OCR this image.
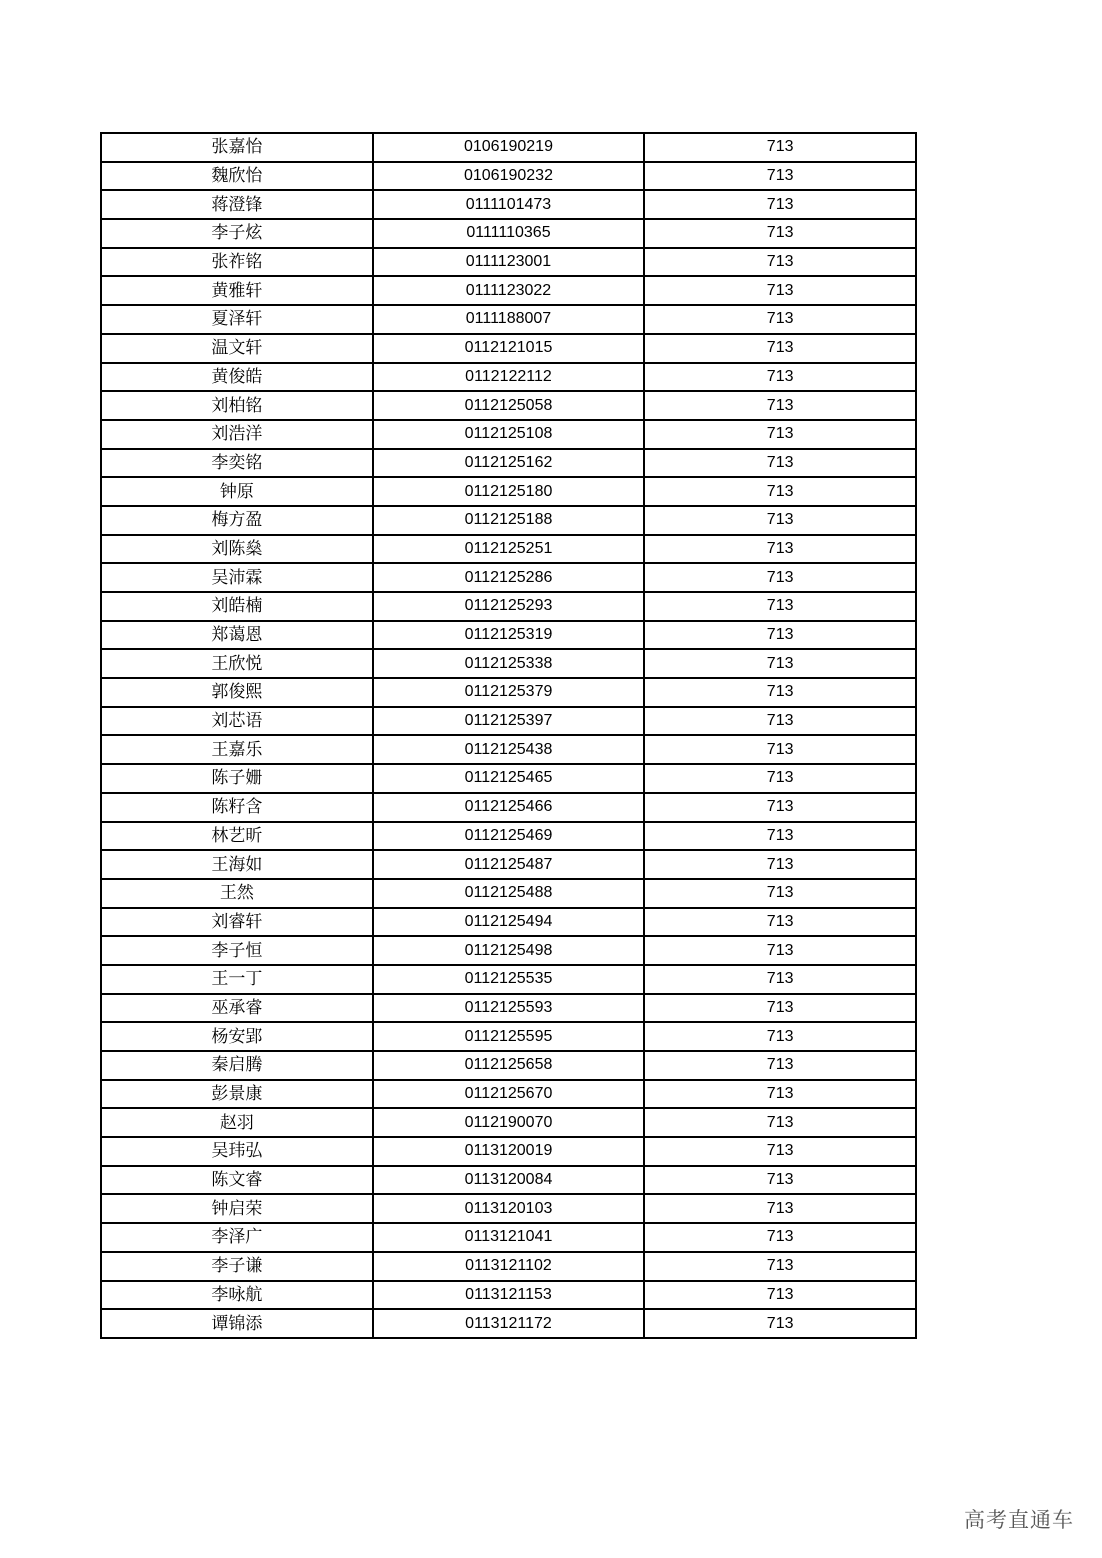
张嘉怡	0106190219	713
魏欣怡	0106190232	713
蒋澄锋	0111101473	713
李子炫	0111110365	713
张祚铭	0111123001	713
黄雅轩	0111123022	713
夏泽轩	0111188007	713
温文轩	0112121015	713
黄俊皓	0112122112	713
刘柏铭	0112125058	713
刘浩洋	0112125108	713
李奕铭	0112125162	713
钟原	0112125180	713
梅方盈	0112125188	713
刘陈燊	0112125251	713
吴沛霖	0112125286	713
刘皓楠	0112125293	713
郑蔼恩	0112125319	713
王欣悦	0112125338	713
郭俊熙	0112125379	713
刘芯语	0112125397	713
王嘉乐	0112125438	713
陈子姗	0112125465	713
陈籽含	0112125466	713
林艺昕	0112125469	713
王海如	0112125487	713
王然	0112125488	713
刘睿轩	0112125494	713
李子恒	0112125498	713
王一丁	0112125535	713
巫承睿	0112125593	713
杨安郢	0112125595	713
秦启腾	0112125658	713
彭景康	0112125670	713
赵羽	0112190070	713
吴玮弘	0113120019	713
陈文睿	0113120084	713
钟启荣	0113120103	713
李泽广	0113121041	713
李子谦	0113121102	713
李咏航	0113121153	713
谭锦添	0113121172	713
高考直通车
